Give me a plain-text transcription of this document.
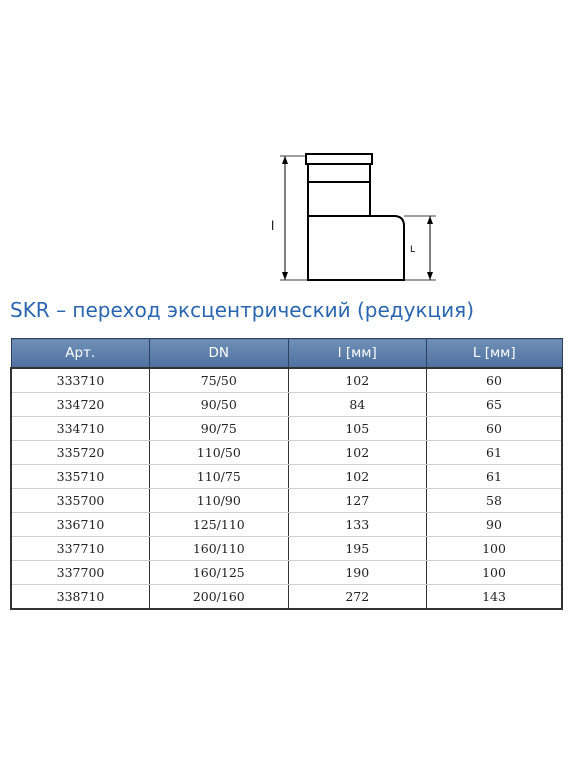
l
L
SKR – переход эксцентрический (редукция)
Арт.	DN	l [мм]	L [мм]
333710	75/50	102	60
334720	90/50	84	65
334710	90/75	105	60
335720	110/50	102	61
335710	110/75	102	61
335700	110/90	127	58
336710	125/110	133	90
337710	160/110	195	100
337700	160/125	190	100
338710	200/160	272	143
